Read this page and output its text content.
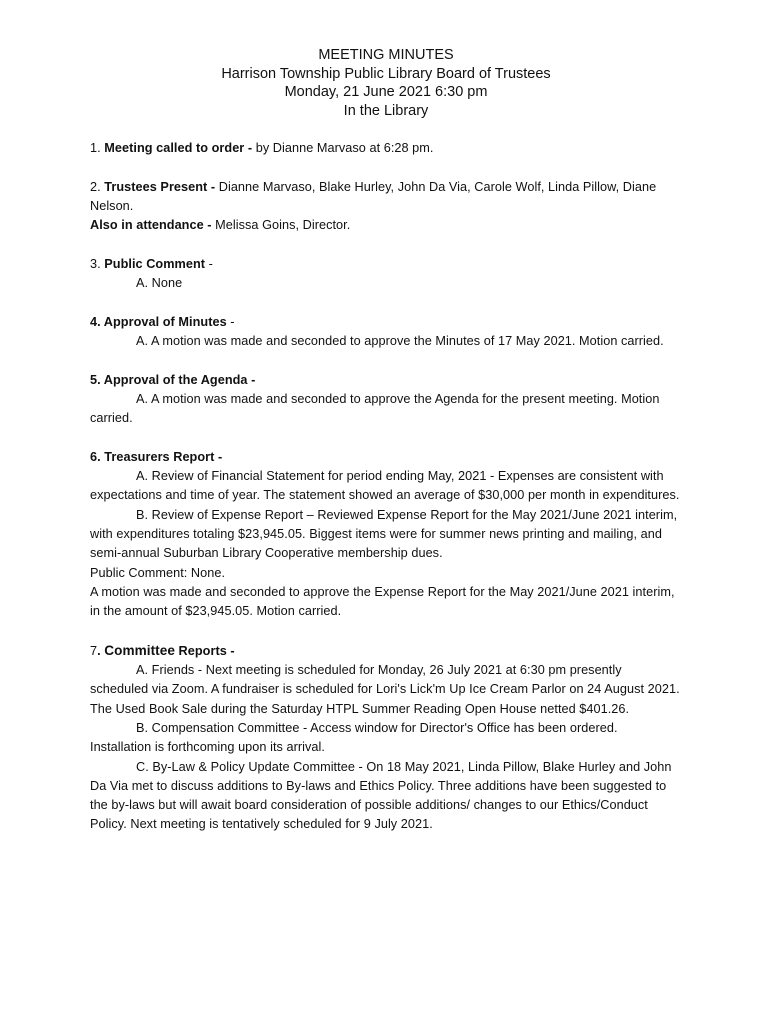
MEETING MINUTES
Harrison Township Public Library Board of Trustees
Monday, 21 June 2021 6:30 pm
In the Library

1. Meeting called to order - by Dianne Marvaso at 6:28 pm.

2. Trustees Present - Dianne Marvaso, Blake Hurley, John Da Via, Carole Wolf, Linda Pillow, Diane Nelson.

Also in attendance - Melissa Goins, Director.

3. Public Comment -

A. None

4. Approval of Minutes -

A. A motion was made and seconded to approve the Minutes of 17 May 2021. Motion carried.

5. Approval of the Agenda -

A. A motion was made and seconded to approve the Agenda for the present meeting. Motion carried.

6. Treasurers Report -

A. Review of Financial Statement for period ending May, 2021 - Expenses are consistent with expectations and time of year. The statement showed an average of $30,000 per month in expenditures.

B. Review of Expense Report – Reviewed Expense Report for the May 2021/June 2021 interim, with expenditures totaling $23,945.05. Biggest items were for summer news printing and mailing, and semi-annual Suburban Library Cooperative membership dues.

Public Comment: None.

A motion was made and seconded to approve the Expense Report for the May 2021/June 2021 interim, in the amount of $23,945.05. Motion carried.

7. Committee Reports -

A. Friends - Next meeting is scheduled for Monday, 26 July 2021 at 6:30 pm presently scheduled via Zoom. A fundraiser is scheduled for Lori's Lick'm Up Ice Cream Parlor on 24 August 2021. The Used Book Sale during the Saturday HTPL Summer Reading Open House netted $401.26.

B. Compensation Committee - Access window for Director's Office has been ordered. Installation is forthcoming upon its arrival.

C. By-Law & Policy Update Committee - On 18 May 2021, Linda Pillow, Blake Hurley and John Da Via met to discuss additions to By-laws and Ethics Policy. Three additions have been suggested to the by-laws but will await board consideration of possible additions/ changes to our Ethics/Conduct Policy. Next meeting is tentatively scheduled for 9 July 2021.
